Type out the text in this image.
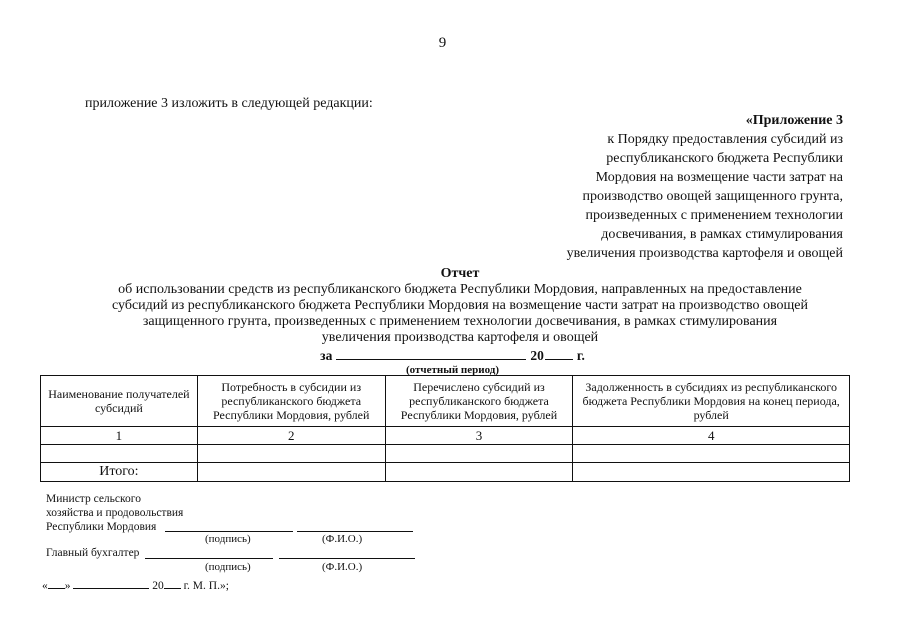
9
приложение 3 изложить в следующей редакции:
«Приложение 3
к Порядку предоставления субсидий из
республиканского бюджета Республики
Мордовия на возмещение части затрат на
производство овощей защищенного грунта,
произведенных с применением технологии
досвечивания, в рамках стимулирования
увеличения производства картофеля и овощей
Отчет
об использовании средств из республиканского бюджета Республики Мордовия, направленных на предоставление
субсидий из республиканского бюджета Республики Мордовия на возмещение части затрат на производство овощей
защищенного грунта, произведенных с применением технологии досвечивания, в рамках стимулирования
увеличения производства картофеля и овощей
за	20 г.
(отчетный период)
Наименование получателей субсидий	Потребность в субсидии из республиканского бюджета Республики Мордовия, рублей	Перечислено субсидий из республиканского бюджета Республики Мордовия, рублей	Задолженность в субсидиях из республиканского бюджета Республики Мордовия на конец периода, рублей
1	2	3	4

Итого:			
Министр сельского
хозяйства и продовольствия
Республики Мордовия
(подпись)	(Ф.И.О.)
Главный бухгалтер
(подпись)	(Ф.И.О.)
« »	20 г. М. П.»;
